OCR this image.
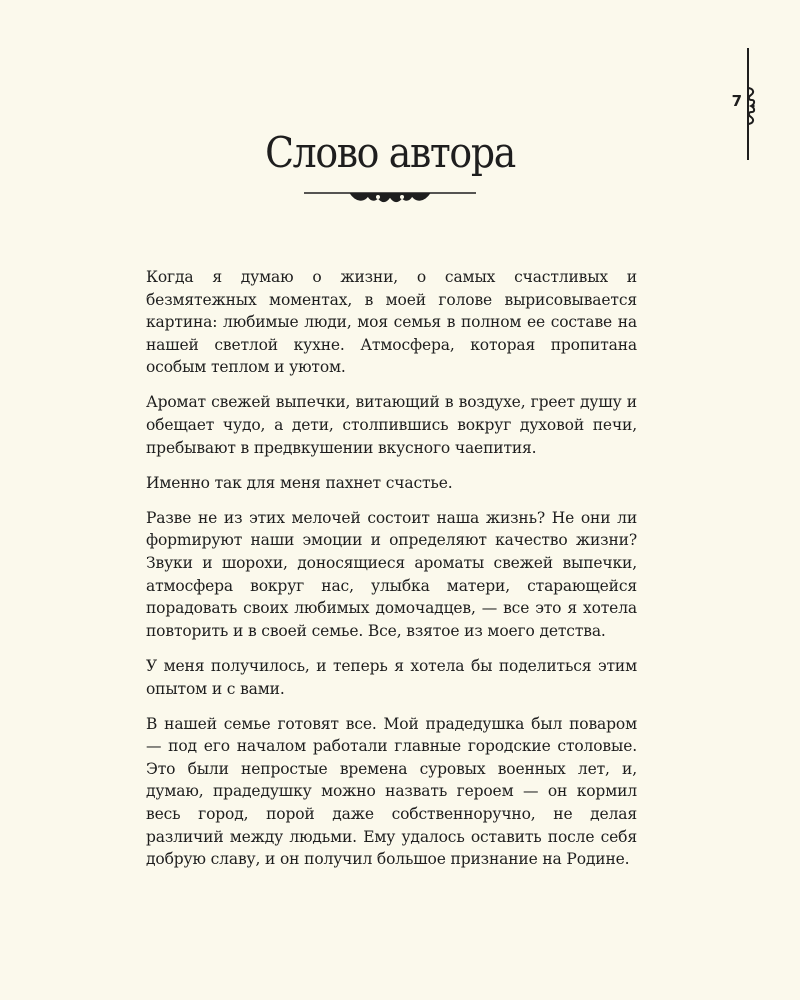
7
Слово автора

Когда я думаю о жизни, о самых счастливых и безмятежных моментах, в моей голове вырисовывается картина: любимые люди, моя семья в полном ее составе на нашей светлой кухне. Атмосфера, которая пропитана особым теплом и уютом.

Аромат свежей выпечки, витающий в воздухе, греет душу и обещает чудо, а дети, столпившись вокруг духовой печи, пребывают в предвкушении вкусного чаепития.

Именно так для меня пахнет счастье.

Разве не из этих мелочей состоит наша жизнь? Не они ли форmируют наши эмоции и определяют качество жизни? Звуки и шорохи, доносящиеся ароматы свежей выпечки, атмосфера вокруг нас, улыбка матери, старающейся порадовать своих любимых домочадцев, — все это я хотела повторить и в своей семье. Все, взятое из моего детства.

У меня получилось, и теперь я хотела бы поделиться этим опытом и с вами.

В нашей семье готовят все. Мой прадедушка был поваром — под его началом работали главные городские столовые. Это были непростые времена суровых военных лет, и, думаю, прадедушку можно назвать героем — он кормил весь город, порой даже собственноручно, не делая различий между людьми. Ему удалось оставить после себя добрую славу, и он получил большое признание на Родине.
